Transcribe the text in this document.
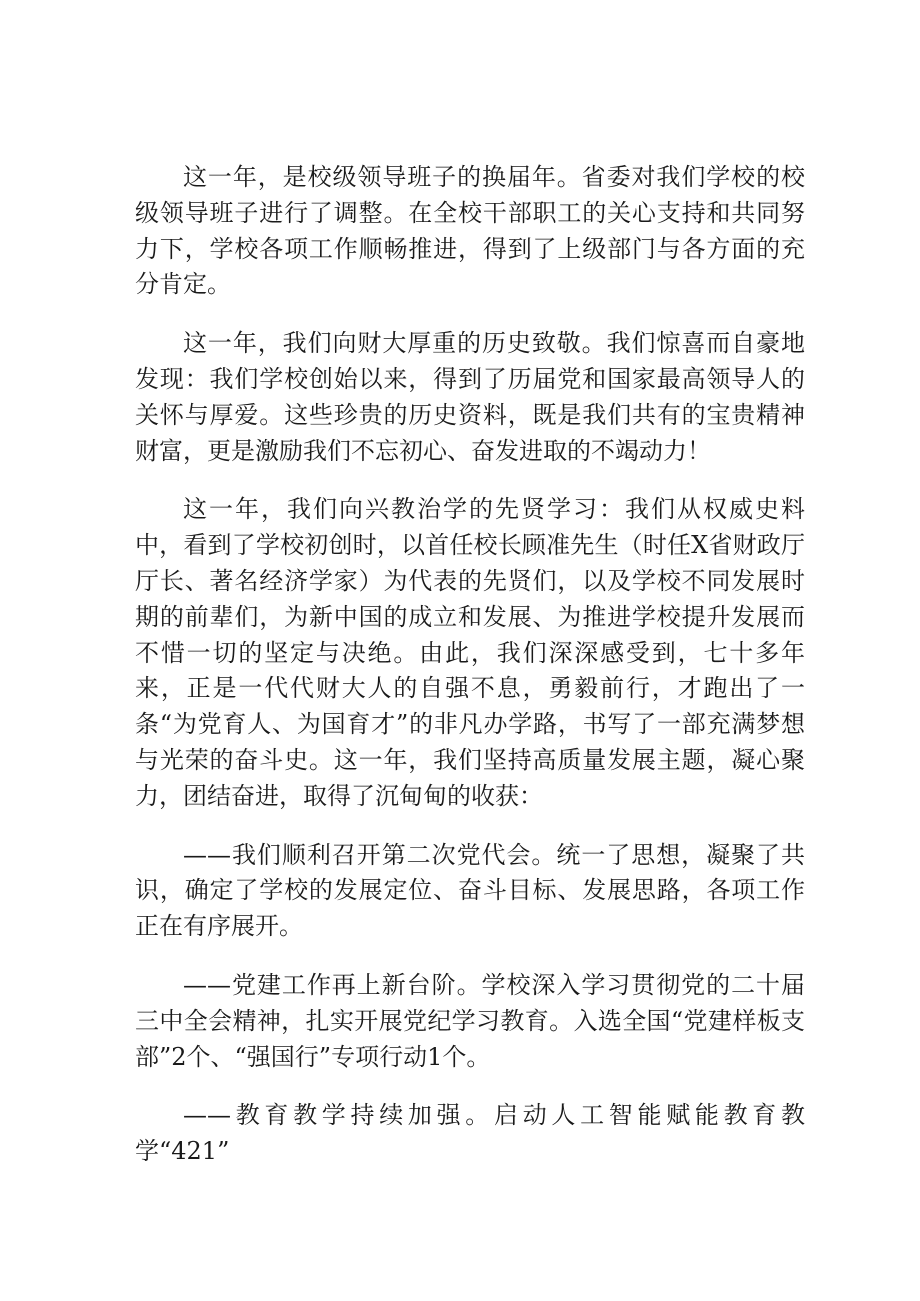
这一年，是校级领导班子的换届年。省委对我们学校的校级领导班子进行了调整。在全校干部职工的关心支持和共同努力下，学校各项工作顺畅推进，得到了上级部门与各方面的充分肯定。

这一年，我们向财大厚重的历史致敬。我们惊喜而自豪地发现：我们学校创始以来，得到了历届党和国家最高领导人的关怀与厚爱。这些珍贵的历史资料，既是我们共有的宝贵精神财富，更是激励我们不忘初心、奋发进取的不竭动力！

这一年，我们向兴教治学的先贤学习：我们从权威史料中，看到了学校初创时，以首任校长顾准先生（时任X省财政厅厅长、著名经济学家）为代表的先贤们，以及学校不同发展时期的前辈们，为新中国的成立和发展、为推进学校提升发展而不惜一切的坚定与决绝。由此，我们深深感受到，七十多年来，正是一代代财大人的自强不息，勇毅前行，才跑出了一条“为党育人、为国育才”的非凡办学路，书写了一部充满梦想与光荣的奋斗史。这一年，我们坚持高质量发展主题，凝心聚力，团结奋进，取得了沉甸甸的收获：

——我们顺利召开第二次党代会。统一了思想，凝聚了共识，确定了学校的发展定位、奋斗目标、发展思路，各项工作正在有序展开。

——党建工作再上新台阶。学校深入学习贯彻党的二十届三中全会精神，扎实开展党纪学习教育。入选全国“党建样板支部”2个、“强国行”专项行动1个。

——教育教学持续加强。启动人工智能赋能教育教学“421”
